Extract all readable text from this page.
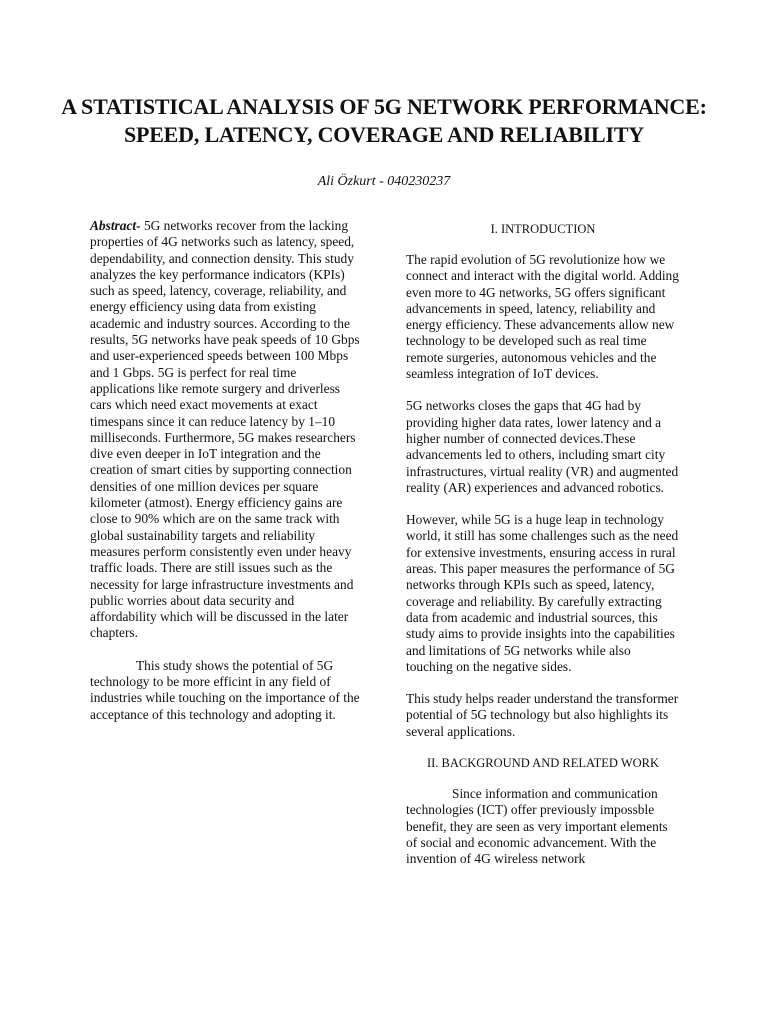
A STATISTICAL ANALYSIS OF 5G NETWORK PERFORMANCE: SPEED, LATENCY, COVERAGE AND RELIABILITY
Ali Özkurt - 040230237

Abstract- 5G networks recover from the lacking properties of 4G networks such as latency, speed, dependability, and connection density. This study analyzes the key performance indicators (KPIs) such as speed, latency, coverage, reliability, and energy efficiency using data from existing academic and industry sources. According to the results, 5G networks have peak speeds of 10 Gbps and user-experienced speeds between 100 Mbps and 1 Gbps. 5G is perfect for real time applications like remote surgery and driverless cars which need exact movements at exact timespans since it can reduce latency by 1–10 milliseconds. Furthermore, 5G makes researchers dive even deeper in IoT integration and the creation of smart cities by supporting connection densities of one million devices per square kilometer (atmost). Energy efficiency gains are close to 90% which are on the same track with global sustainability targets and reliability measures perform consistently even under heavy traffic loads. There are still issues such as the necessity for large infrastructure investments and public worries about data security and affordability which will be discussed in the later chapters.

This study shows the potential of 5G technology to be more efficint in any field of industries while touching on the importance of the acceptance of this technology and adopting it.

I. INTRODUCTION

The rapid evolution of 5G revolutionize how we connect and interact with the digital world. Adding even more to 4G networks, 5G offers significant advancements in speed, latency, reliability and energy efficiency. These advancements allow new technology to be developed such as real time remote surgeries, autonomous vehicles and the seamless integration of IoT devices.

5G networks closes the gaps that 4G had by providing higher data rates, lower latency and a higher number of connected devices.These advancements led to others, including smart city infrastructures, virtual reality (VR) and augmented reality (AR) experiences and advanced robotics.

However, while 5G is a huge leap in technology world, it still has some challenges such as the need for extensive investments, ensuring access in rural areas. This paper measures the performance of 5G networks through KPIs such as speed, latency, coverage and reliability. By carefully extracting data from academic and industrial sources, this study aims to provide insights into the capabilities and limitations of 5G networks while also touching on the negative sides.

This study helps reader understand the transformer potential of 5G technology but also highlights its several applications.

II. BACKGROUND AND RELATED WORK

Since information and communication technologies (ICT) offer previously impossble benefit, they are seen as very important elements of social and economic advancement. With the invention of 4G wireless network
